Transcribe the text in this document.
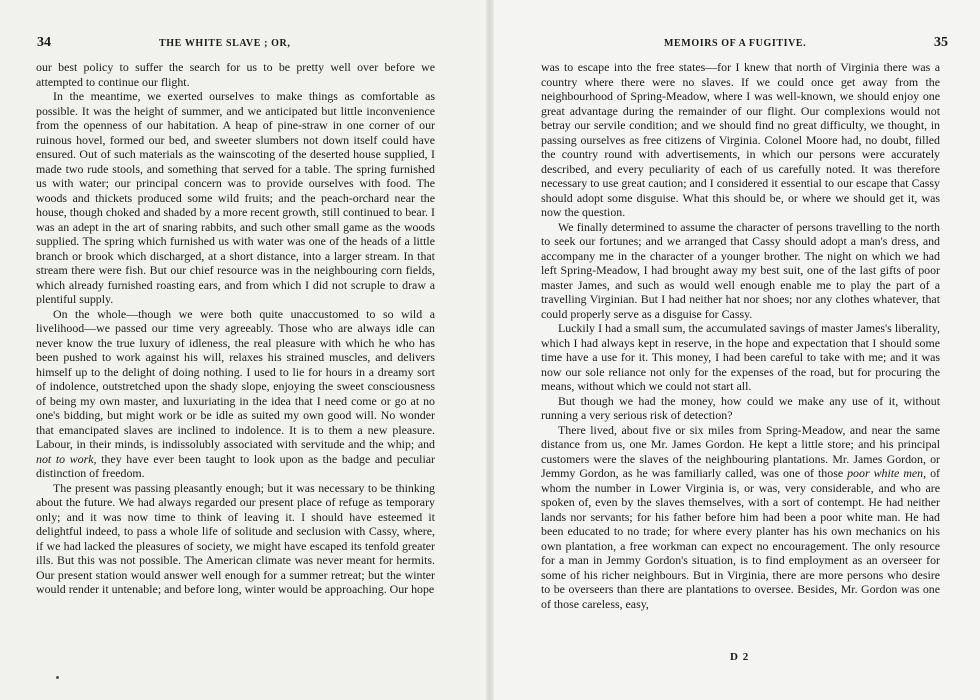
34	THE WHITE SLAVE ; OR,

our best policy to suffer the search for us to be pretty well over before we attempted to continue our flight.

In the meantime, we exerted ourselves to make things as comfortable as possible. It was the height of summer, and we anticipated but little inconvenience from the openness of our habitation. A heap of pine-straw in one corner of our ruinous hovel, formed our bed, and sweeter slumbers not down itself could have ensured. Out of such materials as the wainscoting of the deserted house supplied, I made two rude stools, and something that served for a table. The spring furnished us with water; our principal concern was to provide ourselves with food. The woods and thickets produced some wild fruits; and the peach-orchard near the house, though choked and shaded by a more recent growth, still continued to bear. I was an adept in the art of snaring rabbits, and such other small game as the woods supplied. The spring which furnished us with water was one of the heads of a little branch or brook which discharged, at a short distance, into a larger stream. In that stream there were fish. But our chief resource was in the neighbouring corn fields, which already furnished roasting ears, and from which I did not scruple to draw a plentiful supply.

On the whole—though we were both quite unaccustomed to so wild a livelihood—we passed our time very agreeably. Those who are always idle can never know the true luxury of idleness, the real pleasure with which he who has been pushed to work against his will, relaxes his strained muscles, and delivers himself up to the delight of doing nothing. I used to lie for hours in a dreamy sort of indolence, outstretched upon the shady slope, enjoying the sweet consciousness of being my own master, and luxuriating in the idea that I need come or go at no one's bidding, but might work or be idle as suited my own good will. No wonder that emancipated slaves are inclined to indolence. It is to them a new pleasure. Labour, in their minds, is indissolubly associated with servitude and the whip; and not to work, they have ever been taught to look upon as the badge and peculiar distinction of freedom.

The present was passing pleasantly enough; but it was necessary to be thinking about the future. We had always regarded our present place of refuge as temporary only; and it was now time to think of leaving it. I should have esteemed it delightful indeed, to pass a whole life of solitude and seclusion with Cassy, where, if we had lacked the pleasures of society, we might have escaped its tenfold greater ills. But this was not possible. The American climate was never meant for hermits. Our present station would answer well enough for a summer retreat; but the winter would render it untenable; and before long, winter would be approaching. Our hope

MEMOIRS OF A FUGITIVE.	35

was to escape into the free states—for I knew that north of Virginia there was a country where there were no slaves. If we could once get away from the neighbourhood of Spring-Meadow, where I was well-known, we should enjoy one great advantage during the remainder of our flight. Our complexions would not betray our servile condition; and we should find no great difficulty, we thought, in passing ourselves as free citizens of Virginia. Colonel Moore had, no doubt, filled the country round with advertisements, in which our persons were accurately described, and every peculiarity of each of us carefully noted. It was therefore necessary to use great caution; and I considered it essential to our escape that Cassy should adopt some disguise. What this should be, or where we should get it, was now the question.

We finally determined to assume the character of persons travelling to the north to seek our fortunes; and we arranged that Cassy should adopt a man's dress, and accompany me in the character of a younger brother. The night on which we had left Spring-Meadow, I had brought away my best suit, one of the last gifts of poor master James, and such as would well enough enable me to play the part of a travelling Virginian. But I had neither hat nor shoes; nor any clothes whatever, that could properly serve as a disguise for Cassy.

Luckily I had a small sum, the accumulated savings of master James's liberality, which I had always kept in reserve, in the hope and expectation that I should some time have a use for it. This money, I had been careful to take with me; and it was now our sole reliance not only for the expenses of the road, but for procuring the means, without which we could not start all.

But though we had the money, how could we make any use of it, without running a very serious risk of detection?

There lived, about five or six miles from Spring-Meadow, and near the same distance from us, one Mr. James Gordon. He kept a little store; and his principal customers were the slaves of the neighbouring plantations. Mr. James Gordon, or Jemmy Gordon, as he was familiarly called, was one of those poor white men, of whom the number in Lower Virginia is, or was, very considerable, and who are spoken of, even by the slaves themselves, with a sort of contempt. He had neither lands nor servants; for his father before him had been a poor white man. He had been educated to no trade; for where every planter has his own mechanics on his own plantation, a free workman can expect no encouragement. The only resource for a man in Jemmy Gordon's situation, is to find employment as an overseer for some of his richer neighbours. But in Virginia, there are more persons who desire to be overseers than there are plantations to oversee. Besides, Mr. Gordon was one of those careless, easy,

D 2
